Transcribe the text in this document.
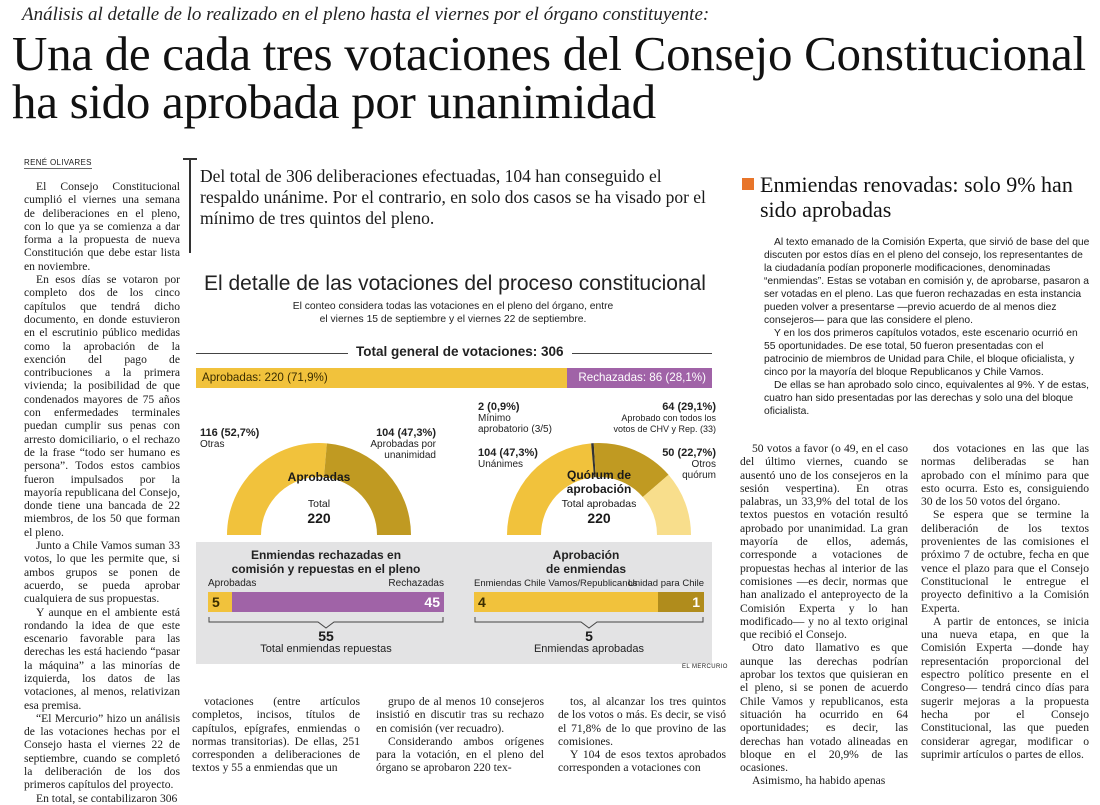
Análisis al detalle de lo realizado en el pleno hasta el viernes por el órgano constituyente:
Una de cada tres votaciones del Consejo Constitucional ha sido aprobada por unanimidad
RENÉ OLIVARES

El Consejo Constitucional cumplió el viernes una semana de deliberaciones en el pleno, con lo que ya se comienza a dar forma a la propuesta de nueva Constitución que debe estar lista en noviembre.

En esos días se votaron por completo dos de los cinco capítulos que tendrá dicho documento, en donde estuvieron en el escrutinio público medidas como la aprobación de la exención del pago de contribuciones a la primera vivienda; la posibilidad de que condenados mayores de 75 años con enfermedades terminales puedan cumplir sus penas con arresto domiciliario, o el rechazo de la frase “todo ser humano es persona”. Todos estos cambios fueron impulsados por la mayoría republicana del Consejo, donde tiene una bancada de 22 miembros, de los 50 que forman el pleno.

Junto a Chile Vamos suman 33 votos, lo que les permite que, si ambos grupos se ponen de acuerdo, se pueda aprobar cualquiera de sus propuestas.

Y aunque en el ambiente está rondando la idea de que este escenario favorable para las derechas les está haciendo “pasar la máquina” a las minorías de izquierda, los datos de las votaciones, al menos, relativizan esa premisa.

“El Mercurio” hizo un análisis de las votaciones hechas por el Consejo hasta el viernes 22 de septiembre, cuando se completó la deliberación de los dos primeros capítulos del proyecto.

En total, se contabilizaron 306

Del total de 306 deliberaciones efectuadas, 104 han conseguido el respaldo unánime. Por el contrario, en solo dos casos se ha visado por el mínimo de tres quintos del pleno.
Enmiendas renovadas: solo 9% han sido aprobadas

Al texto emanado de la Comisión Experta, que sirvió de base del que discuten por estos días en el pleno del consejo, los representantes de la ciudadanía podían proponerle modificaciones, denominadas “enmiendas”. Estas se votaban en comisión y, de aprobarse, pasaron a ser votadas en el pleno. Las que fueron rechazadas en esta instancia pueden volver a presentarse —previo acuerdo de al menos diez consejeros— para que las considere el pleno.

Y en los dos primeros capítulos votados, este escenario ocurrió en 55 oportunidades. De ese total, 50 fueron presentadas con el patrocinio de miembros de Unidad para Chile, el bloque oficialista, y cinco por la mayoría del bloque Republicanos y Chile Vamos.

De ellas se han aprobado solo cinco, equivalentes al 9%. Y de estas, cuatro han sido presentadas por las derechas y solo una del bloque oficialista.

El detalle de las votaciones del proceso constitucional
El conteo considera todas las votaciones en el pleno del órgano, entre
el viernes 15 de septiembre y el viernes 22 de septiembre.
Total general de votaciones: 306
Aprobadas: 220 (71,9%)	Rechazadas: 86 (28,1%)
116 (52,7%)
Otras
104 (47,3%)
Aprobadas por
unanimidad
Aprobadas
Total
220
2 (0,9%)
Mínimo
aprobatorio (3/5)
64 (29,1%)
Aprobado con todos los
votos de CHV y Rep. (33)
104 (47,3%)
Unánimes
50 (22,7%)
Otros
quórum
Quórum de
aprobación
Total aprobadas
220
Enmiendas rechazadas en
comisión y repuestas en el pleno
Aprobadas	Rechazadas
5	45
55
Total enmiendas repuestas
Aprobación
de enmiendas
Enmiendas Chile Vamos/Republicanos
Unidad para Chile
4	1
5
Enmiendas aprobadas
EL MERCURIO

votaciones (entre artículos completos, incisos, títulos de capítulos, epígrafes, enmiendas o normas transitorias). De ellas, 251 corresponden a deliberaciones de textos y 55 a enmiendas que un

grupo de al menos 10 consejeros insistió en discutir tras su rechazo en comisión (ver recuadro).

Considerando ambos orígenes para la votación, en el pleno del órgano se aprobaron 220 tex-

tos, al alcanzar los tres quintos de los votos o más. Es decir, se visó el 71,8% de lo que provino de las comisiones.

Y 104 de esos textos aprobados corresponden a votaciones con

50 votos a favor (o 49, en el caso del último viernes, cuando se ausentó uno de los consejeros en la sesión vespertina). En otras palabras, un 33,9% del total de los textos puestos en votación resultó aprobado por unanimidad. La gran mayoría de ellos, además, corresponde a votaciones de propuestas hechas al interior de las comisiones —es decir, normas que han analizado el anteproyecto de la Comisión Experta y lo han modificado— y no al texto original que recibió el Consejo.

Otro dato llamativo es que aunque las derechas podrían aprobar los textos que quisieran en el pleno, si se ponen de acuerdo Chile Vamos y republicanos, esta situación ha ocurrido en 64 oportunidades; es decir, las derechas han votado alineadas en bloque en el 20,9% de las ocasiones.

Asimismo, ha habido apenas

dos votaciones en las que las normas deliberadas se han aprobado con el mínimo para que esto ocurra. Esto es, consiguiendo 30 de los 50 votos del órgano.

Se espera que se termine la deliberación de los textos provenientes de las comisiones el próximo 7 de octubre, fecha en que vence el plazo para que el Consejo Constitucional le entregue el proyecto definitivo a la Comisión Experta.

A partir de entonces, se inicia una nueva etapa, en que la Comisión Experta —donde hay representación proporcional del espectro político presente en el Congreso— tendrá cinco días para sugerir mejoras a la propuesta hecha por el Consejo Constitucional, las que pueden considerar agregar, modificar o suprimir artículos o partes de ellos.
